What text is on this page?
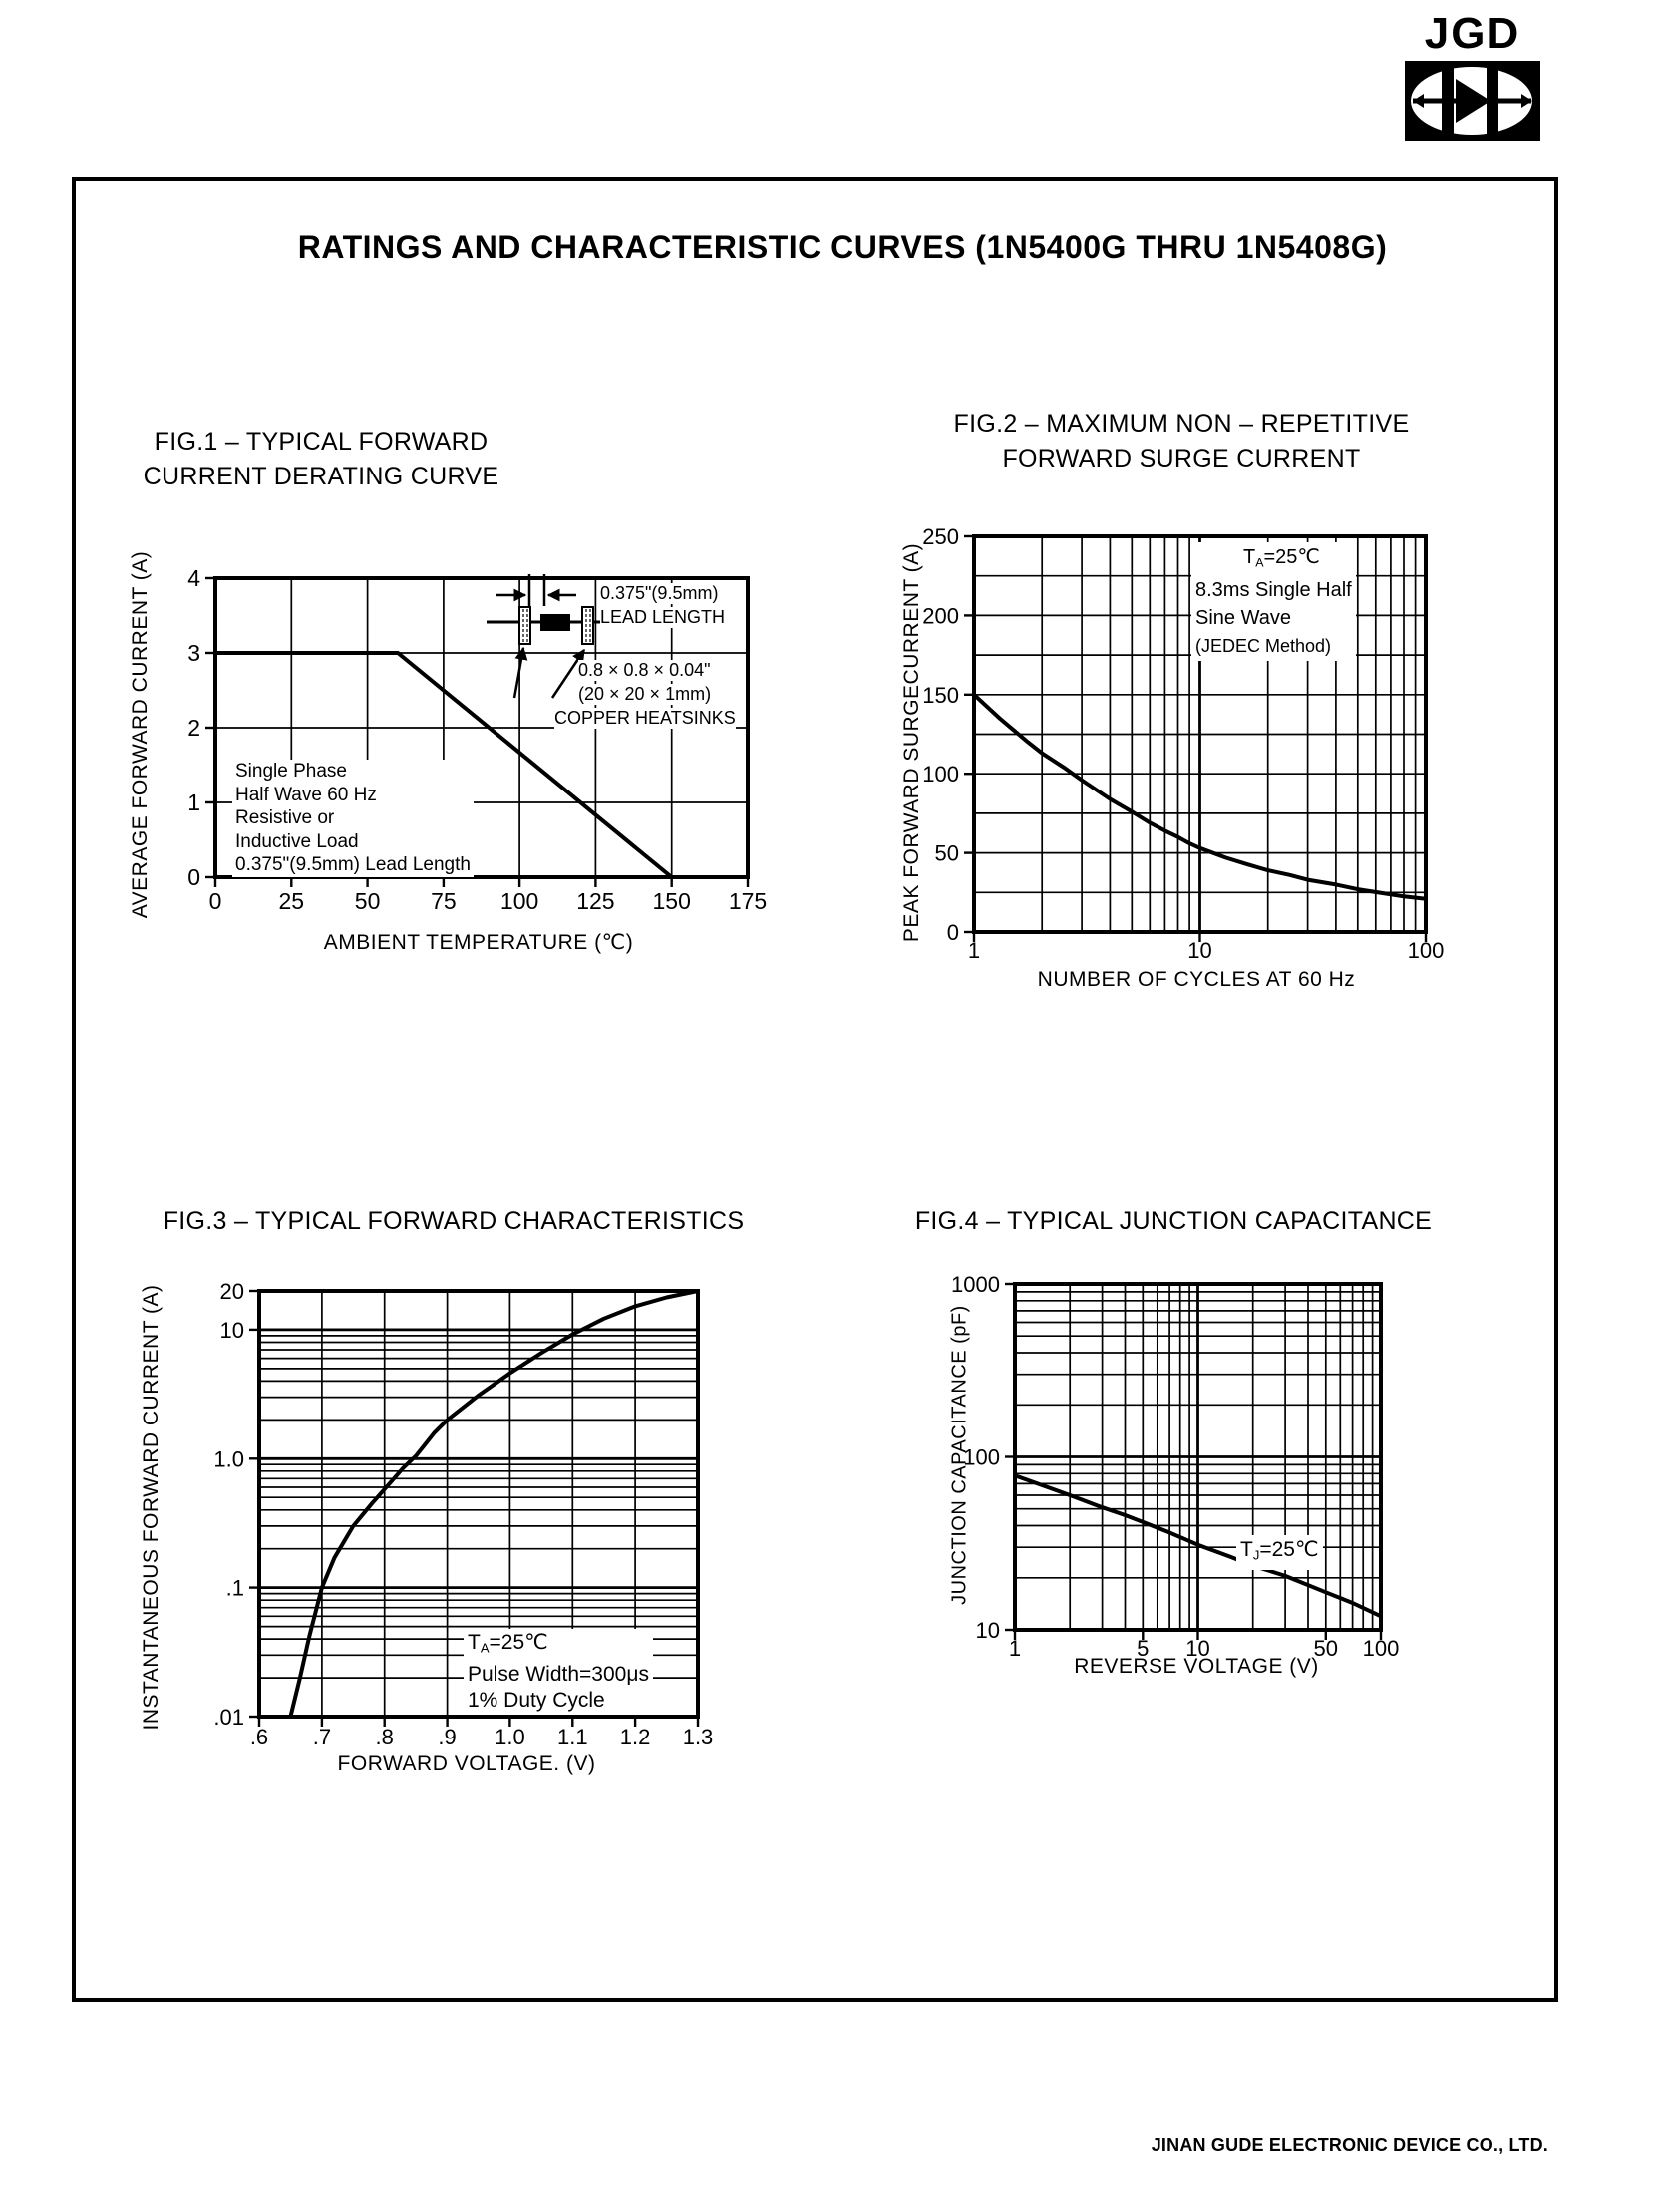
JGD
RATINGS AND CHARACTERISTIC CURVES (1N5400G THRU 1N5408G)
FIG.1 – TYPICAL FORWARD
CURRENT DERATING CURVE
FIG.2 – MAXIMUM NON – REPETITIVE
FORWARD SURGE CURRENT
FIG.3 – TYPICAL FORWARD CHARACTERISTICS	FIG.4 – TYPICAL JUNCTION CAPACITANCE
0 25 50 75 100 125 150 175
0
1
2
3
4
AVERAGE FORWARD CURRENT (A)
AMBIENT TEMPERATURE (℃)
Single Phase
Half Wave 60 Hz
Resistive or
Inductive Load
0.375"(9.5mm) Lead Length
0.375"(9.5mm)
LEAD LENGTH
0.8 × 0.8 × 0.04"
(20 × 20 × 1mm)
COPPER HEATSINKS
1	10	100
0
50
100
150
200
250
PEAK FORWARD SURGECURRENT (A)
NUMBER OF CYCLES AT 60 Hz
$T_A=25℃$
8.3ms Single Half
Sine Wave
(JEDEC Method)
.6 .7 .8 .9 1.0 1.1 1.2 1.3
20
10
1.0
.1
.01
INSTANTANEOUS FORWARD CURRENT (A)
FORWARD VOLTAGE. (V)
$T_A=25℃$
Pulse Width=300μs
1% Duty Cycle
1	5 10	50 100
1000
100
10
JUNCTION CAPACITANCE (pF)
REVERSE VOLTAGE (V)
$T_J=25℃$
JINAN GUDE ELECTRONIC DEVICE CO., LTD.
